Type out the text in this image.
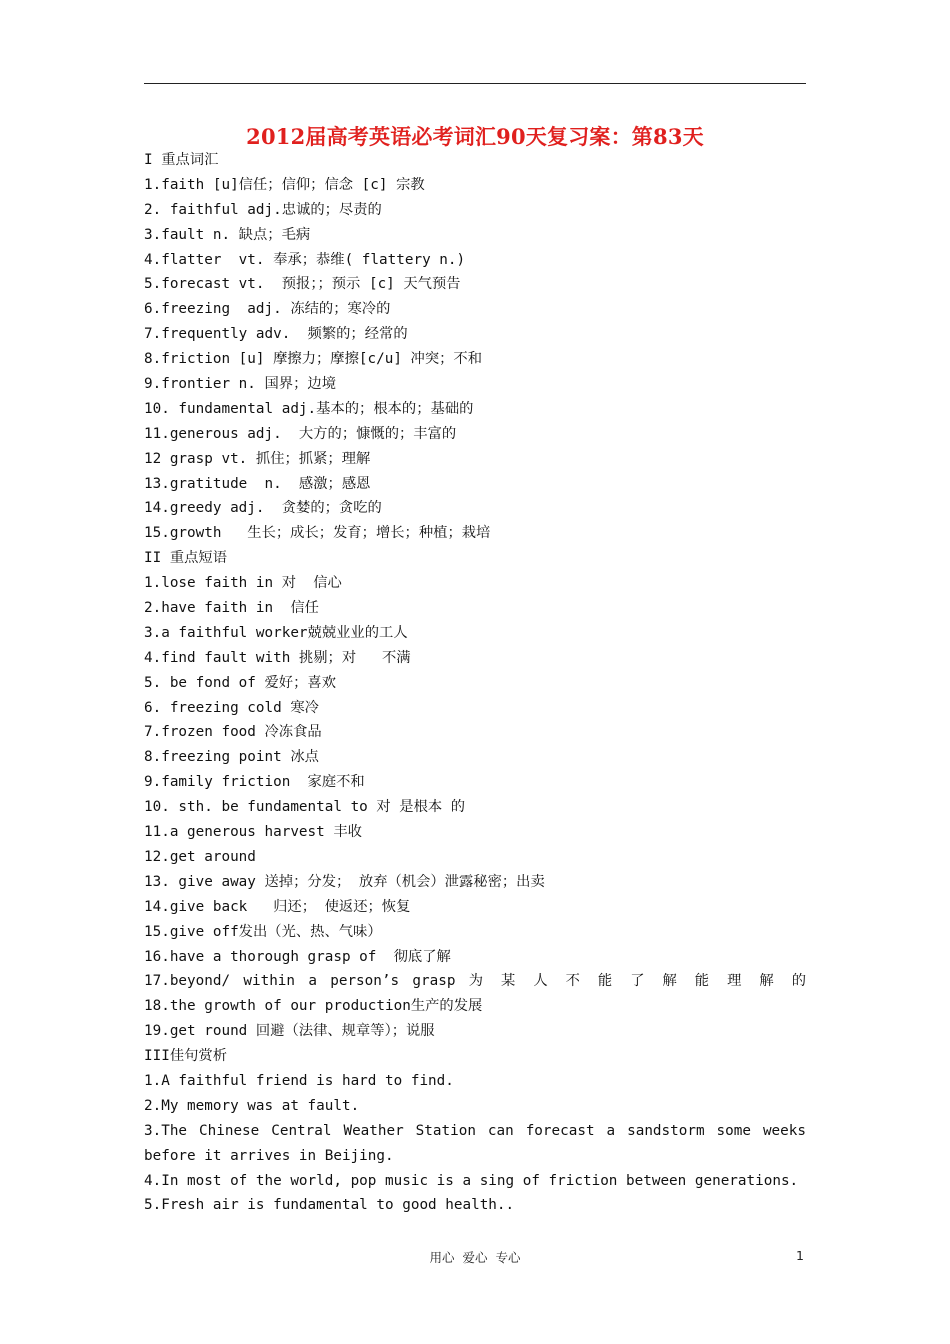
2012届高考英语必考词汇90天复习案：第83天
I 重点词汇
1.faith [u]信任；信仰；信念 [c] 宗教
2. faithful adj.忠诚的；尽责的
3.fault n. 缺点；毛病
4.flatter  vt. 奉承；恭维( flattery n.)
5.forecast vt.  预报；；预示 [c] 天气预告
6.freezing  adj. 冻结的；寒冷的
7.frequently adv.  频繁的；经常的
8.friction [u] 摩擦力；摩擦[c/u] 冲突；不和
9.frontier n. 国界；边境
10. fundamental adj.基本的；根本的；基础的
11.generous adj.  大方的；慷慨的；丰富的
12 grasp vt. 抓住；抓紧；理解
13.gratitude  n.  感激；感恩
14.greedy adj.  贪婪的；贪吃的
15.growth   生长；成长；发育；增长；种植；栽培
II 重点短语
1.lose faith in 对  信心
2.have faith in  信任
3.a faithful worker兢兢业业的工人
4.find fault with 挑剔；对   不满
5. be fond of 爱好；喜欢
6. freezing cold 寒冷
7.frozen food 冷冻食品
8.freezing point 冰点
9.family friction  家庭不和
10. sth. be fundamental to 对 是根本 的
11.a generous harvest 丰收
12.get around
13. give away 送掉；分发； 放弃（机会）泄露秘密；出卖
14.give back   归还； 使返还；恢复
15.give off发出（光、热、气味）
16.have a thorough grasp of  彻底了解
17.beyond/ within a person’s grasp 为 某 人 不 能 了 解 能 理 解 的
18.the growth of our production生产的发展
19.get round 回避（法律、规章等）；说服
III佳句赏析
1.A faithful friend is hard to find.
2.My memory was at fault.
3.The Chinese Central Weather Station can forecast a sandstorm some weeks
before it arrives in Beijing.
4.In most of the world, pop music is a sing of friction between generations.
5.Fresh air is fundamental to good health..
用心  爱心  专心	1
